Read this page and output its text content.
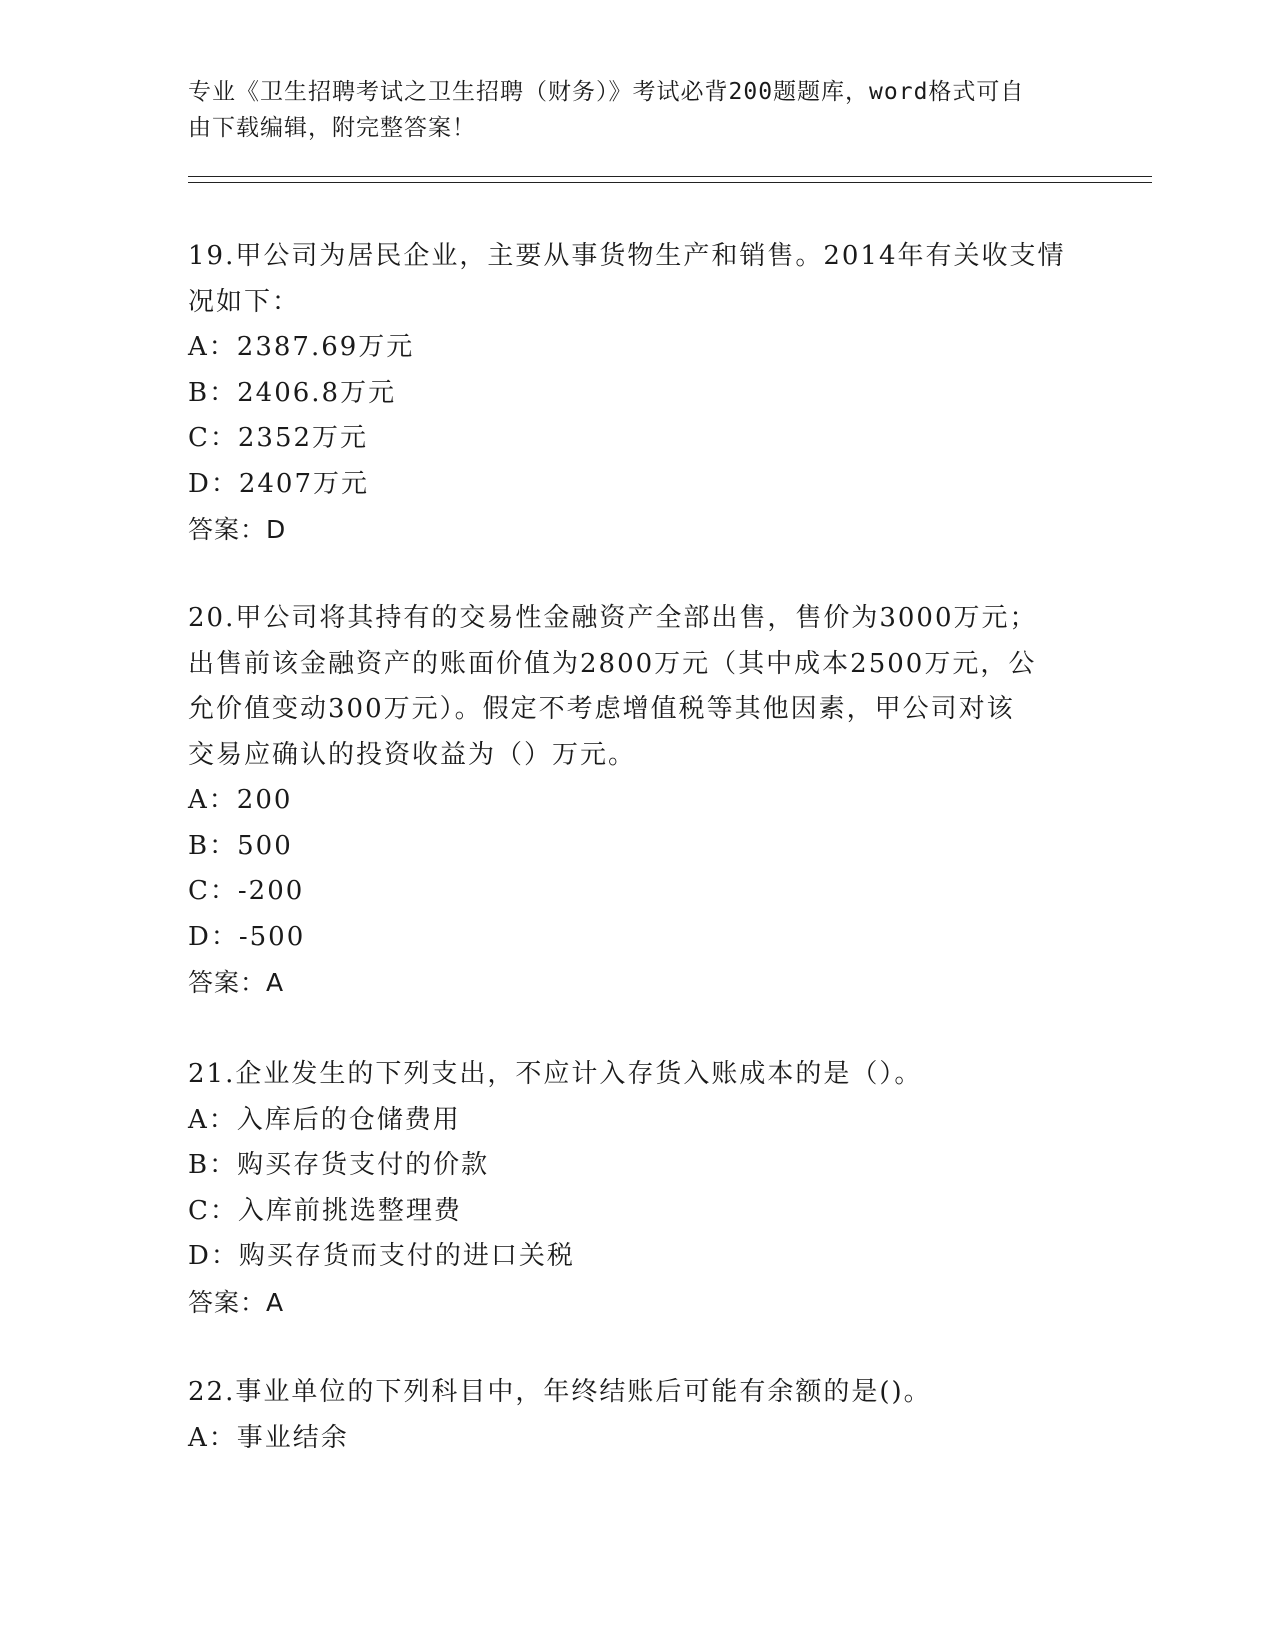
专业《卫生招聘考试之卫生招聘（财务）》考试必背200题题库，word格式可自
由下载编辑，附完整答案！
19.甲公司为居民企业，主要从事货物生产和销售。2014年有关收支情
况如下：
A：2387.69万元
B：2406.8万元
C：2352万元
D：2407万元
答案：D
20.甲公司将其持有的交易性金融资产全部出售，售价为3000万元；
出售前该金融资产的账面价值为2800万元（其中成本2500万元，公
允价值变动300万元）。假定不考虑增值税等其他因素，甲公司对该
交易应确认的投资收益为（）万元。
A：200
B：500
C：-200
D：-500
答案：A
21.企业发生的下列支出，不应计入存货入账成本的是（）。
A：入库后的仓储费用
B：购买存货支付的价款
C：入库前挑选整理费
D：购买存货而支付的进口关税
答案：A
22.事业单位的下列科目中，年终结账后可能有余额的是()。
A：事业结余
